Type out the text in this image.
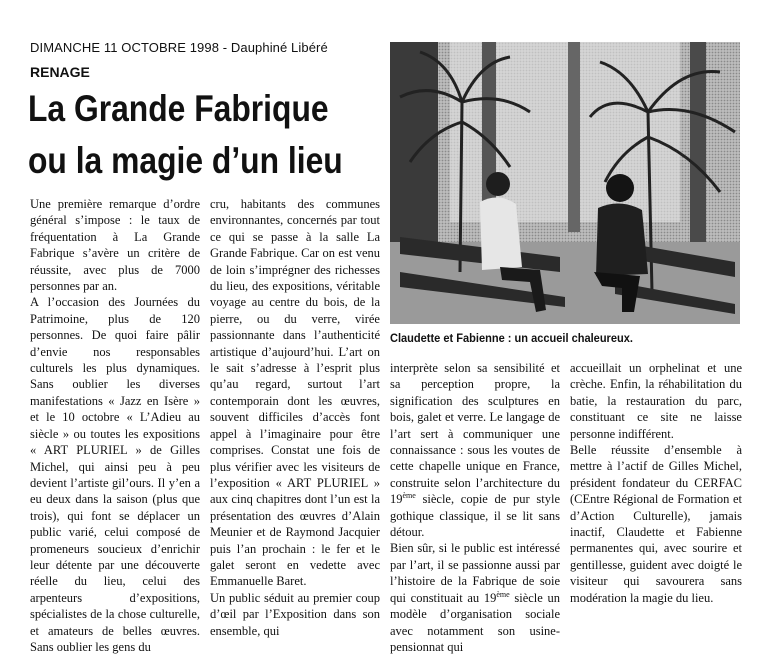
DIMANCHE 11 OCTOBRE 1998 - Dauphiné Libéré
RENAGE
La Grande Fabrique
ou la magie d’un lieu
Claudette et Fabienne : un accueil chaleureux.

Une première remarque d’ordre général s’impose : le taux de fréquentation à La Grande Fabrique s’avère un critère de réussite, avec plus de 7000 personnes par an.

A l’occasion des Journées du Patrimoine, plus de 120 personnes. De quoi faire pâlir d’envie nos responsables culturels les plus dynamiques. Sans oublier les diverses manifestations « Jazz en Isère » et le 10 octobre « L’Adieu au siècle » ou toutes les expositions « ART PLURIEL » de Gilles Michel, qui ainsi peu à peu devient l’artiste gil’ours. Il y’en a eu deux dans la saison (plus que trois), qui font se déplacer un public varié, celui composé de promeneurs soucieux d’enrichir leur détente par une découverte réelle du lieu, celui des arpenteurs d’expositions, spécialistes de la chose culturelle, et amateurs de belles œuvres. Sans oublier les gens du

cru, habitants des communes environnantes, concernés par tout ce qui se passe à la salle La Grande Fabrique. Car on est venu de loin s’imprégner des richesses du lieu, des expositions, véritable voyage au centre du bois, de la pierre, ou du verre, virée passionnante dans l’authenticité artistique d’aujourd’hui. L’art on le sait s’adresse à l’esprit plus qu’au regard, surtout l’art contemporain dont les œuvres, souvent difficiles d’accès font appel à l’imaginaire pour être comprises. Constat une fois de plus vérifier avec les visiteurs de l’exposition « ART PLURIEL » aux cinq chapitres dont l’un est la présentation des œuvres d’Alain Meunier et de Raymond Jacquier puis l’an prochain : le fer et le galet seront en vedette avec Emmanuelle Baret.

Un public séduit au premier coup d’œil par l’Exposition dans son ensemble, qui

interprète selon sa sensibilité et sa perception propre, la signification des sculptures en bois, galet et verre. Le langage de l’art sert à communiquer une connaissance : sous les voutes de cette chapelle unique en France, construite selon l’architecture du 19ème siècle, copie de pur style gothique classique, il se lit sans détour.

Bien sûr, si le public est intéressé par l’art, il se passionne aussi par l’histoire de la Fabrique de soie qui constituait au 19ème siècle un modèle d’organisation sociale avec notamment son usine-pensionnat qui

accueillait un orphelinat et une crèche. Enfin, la réhabilitation du batie, la restauration du parc, constituant ce site ne laisse personne indifférent.

Belle réussite d’ensemble à mettre à l’actif de Gilles Michel, président fondateur du CERFAC (CEntre Régional de Formation et d’Action Culturelle), jamais inactif, Claudette et Fabienne permanentes qui, avec sourire et gentillesse, guident avec doigté le visiteur qui savourera sans modération la magie du lieu.
